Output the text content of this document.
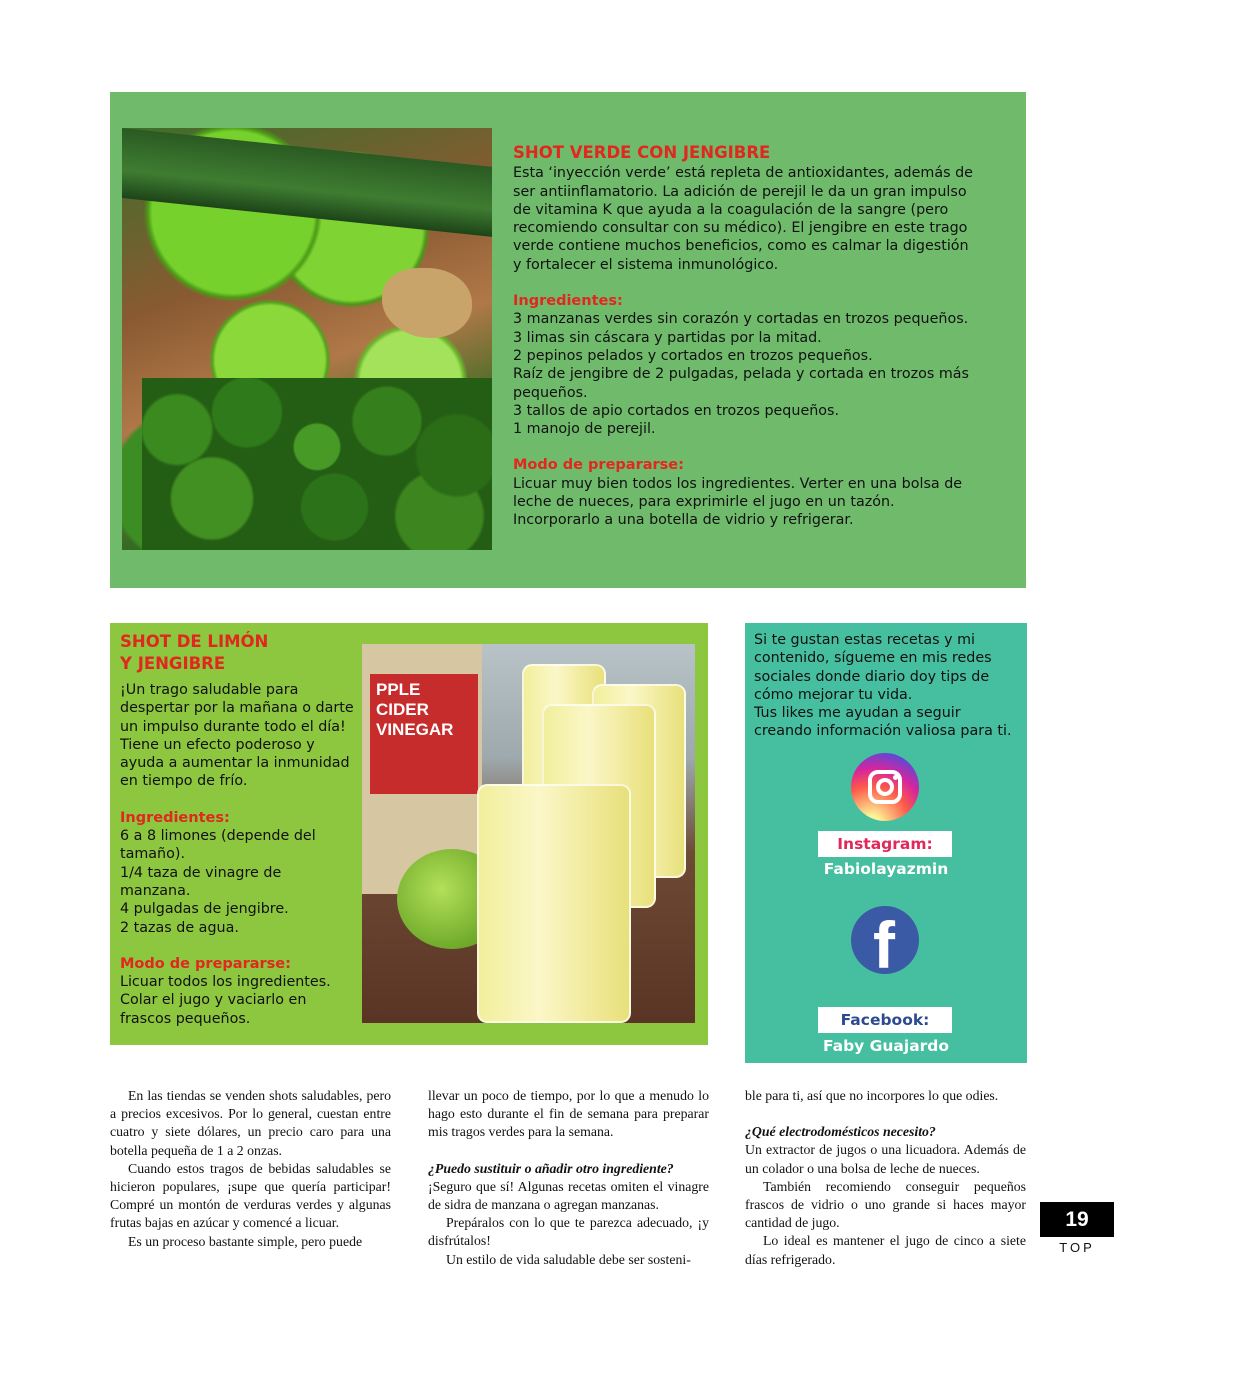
SHOT VERDE CON JENGIBRE

Esta ‘inyección verde’ está repleta de antioxidantes, además de ser antiinflamatorio. La adición de perejil le da un gran impulso de vitamina K que ayuda a la coagulación de la sangre (pero recomiendo consultar con su médico). El jengibre en este trago verde contiene muchos beneficios, como es calmar la digestión y fortalecer el sistema inmunológico.

Ingredientes:

3 manzanas verdes sin corazón y cortadas en trozos pequeños.

3 limas sin cáscara y partidas por la mitad.

2 pepinos pelados y cortados en trozos pequeños.

Raíz de jengibre de 2 pulgadas, pelada y cortada en trozos más pequeños.

3 tallos de apio cortados en trozos pequeños.

1 manojo de perejil.

Modo de prepararse:

Licuar muy bien todos los ingredientes. Verter en una bolsa de leche de nueces, para exprimirle el jugo en un tazón. Incorporarlo a una botella de vidrio y refrigerar.

SHOT DE LIMÓN
Y JENGIBRE

¡Un trago saludable para despertar por la mañana o darte un impulso durante todo el día!

Tiene un efecto poderoso y ayuda a aumentar la inmunidad en tiempo de frío.

Ingredientes:

6 a 8 limones (depende del tamaño).

1/4 taza de vinagre de manzana.

4 pulgadas de jengibre.

2 tazas de agua.

Modo de prepararse:

Licuar todos los ingredientes. Colar el jugo y vaciarlo en frascos pequeños.

PPLE CIDER VINEGAR

Si te gustan estas recetas y mi contenido, sígueme en mis redes sociales donde diario doy tips de cómo mejorar tu vida.

Tus likes me ayudan a seguir creando información valiosa para ti.

Instagram:
Fabiolayazmin
f
Facebook:
Faby Guajardo

En las tiendas se venden shots saludables, pero a precios excesivos. Por lo general, cuestan entre cuatro y siete dólares, un precio caro para una botella pequeña de 1 a 2 onzas.

Cuando estos tragos de bebidas saludables se hicieron populares, ¡supe que quería participar! Compré un montón de verduras verdes y algunas frutas bajas en azúcar y comencé a licuar.

Es un proceso bastante simple, pero puede

llevar un poco de tiempo, por lo que a menudo lo hago esto durante el fin de semana para preparar mis tragos verdes para la semana.

¿Puedo sustituir o añadir otro ingrediente?

¡Seguro que sí! Algunas recetas omiten el vinagre de sidra de manzana o agregan manzanas.

Prepáralos con lo que te parezca adecuado, ¡y disfrútalos!

Un estilo de vida saludable debe ser sosteni-

ble para ti, así que no incorpores lo que odies.

¿Qué electrodomésticos necesito?

Un extractor de jugos o una licuadora. Además de un colador o una bolsa de leche de nueces.

También recomiendo conseguir pequeños frascos de vidrio o uno grande si haces mayor cantidad de jugo.

Lo ideal es mantener el jugo de cinco a siete días refrigerado.

19
TOP
